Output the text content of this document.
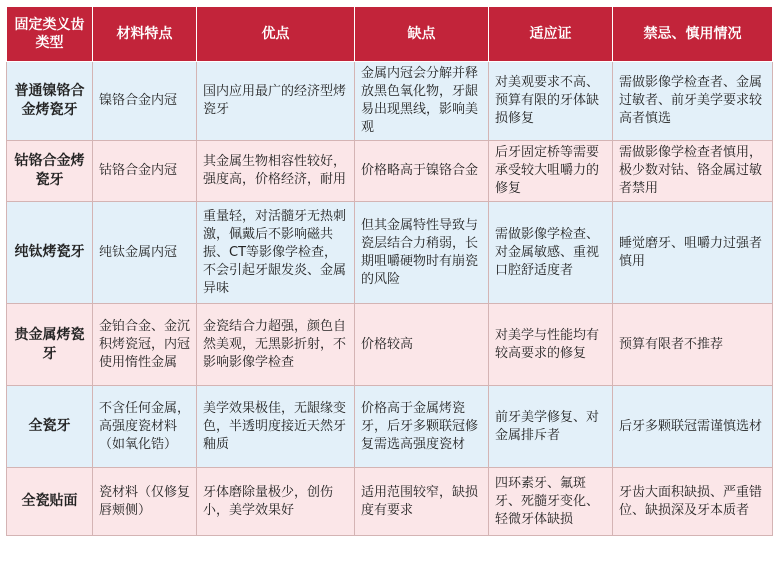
固定类义齿类型	材料特点	优点	缺点	适应证	禁忌、慎用情况
普通镍铬合金烤瓷牙	镍铬合金内冠	国内应用最广的经济型烤瓷牙	金属内冠会分解并释放黑色氧化物，牙龈易出现黑线，影响美观	对美观要求不高、预算有限的牙体缺损修复	需做影像学检查者、金属过敏者、前牙美学要求较高者慎选
钴铬合金烤瓷牙	钴铬合金内冠	其金属生物相容性较好，强度高，价格经济，耐用	价格略高于镍铬合金	后牙固定桥等需要承受较大咀嚼力的修复	需做影像学检查者慎用，极少数对钴、铬金属过敏者禁用
纯钛烤瓷牙	纯钛金属内冠	重量轻，对活髓牙无热刺激，佩戴后不影响磁共振、CT等影像学检查，不会引起牙龈发炎、金属异味	但其金属特性导致与瓷层结合力稍弱，长期咀嚼硬物时有崩瓷的风险	需做影像学检查、对金属敏感、重视口腔舒适度者	睡觉磨牙、咀嚼力过强者慎用
贵金属烤瓷牙	金铂合金、金沉积烤瓷冠，内冠使用惰性金属	金瓷结合力超强，颜色自然美观，无黑影折射，不影响影像学检查	价格较高	对美学与性能均有较高要求的修复	预算有限者不推荐
全瓷牙	不含任何金属，高强度瓷材料（如氧化锆）	美学效果极佳，无龈缘变色，半透明度接近天然牙釉质	价格高于金属烤瓷牙，后牙多颗联冠修复需选高强度瓷材	前牙美学修复、对金属排斥者	后牙多颗联冠需谨慎选材
全瓷贴面	瓷材料（仅修复唇颊侧）	牙体磨除量极少，创伤小，美学效果好	适用范围较窄，缺损度有要求	四环素牙、氟斑牙、死髓牙变化、轻微牙体缺损	牙齿大面积缺损、严重错位、缺损深及牙本质者
